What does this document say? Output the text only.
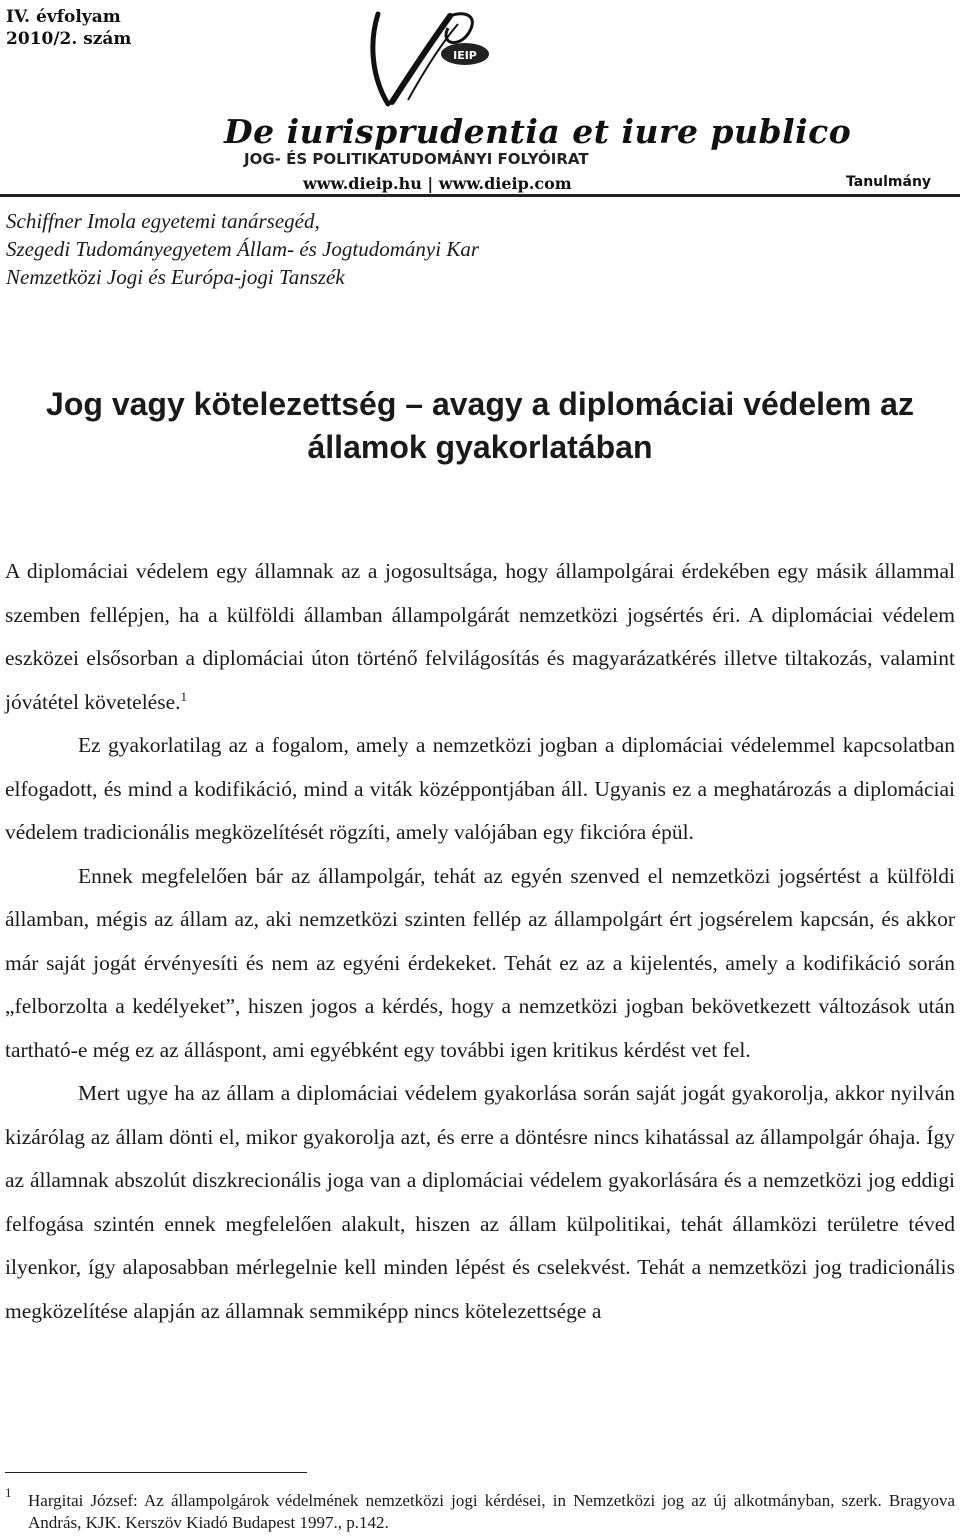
IV. évfolyam
2010/2. szám
IEIP
De iurisprudentia et iure publico
JOG- ÉS POLITIKATUDOMÁNYI FOLYÓIRAT
www.dieip.hu | www.dieip.com	Tanulmány
Schiffner Imola egyetemi tanársegéd,
Szegedi Tudományegyetem Állam- és Jogtudományi Kar
Nemzetközi Jogi és Európa-jogi Tanszék
Jog vagy kötelezettség – avagy a diplomáciai védelem az
államok gyakorlatában

A diplomáciai védelem egy államnak az a jogosultsága, hogy állampolgárai érdekében egy másik állammal szemben fellépjen, ha a külföldi államban állampolgárát nemzetközi jogsértés éri. A diplomáciai védelem eszközei elsősorban a diplomáciai úton történő felvilágosítás és magyarázatkérés illetve tiltakozás, valamint jóvátétel követelése.$^1$

Ez gyakorlatilag az a fogalom, amely a nemzetközi jogban a diplomáciai védelemmel kapcsolatban elfogadott, és mind a kodifikáció, mind a viták középpontjában áll. Ugyanis ez a meghatározás a diplomáciai védelem tradicionális megközelítését rögzíti, amely valójában egy fikcióra épül.

Ennek megfelelően bár az állampolgár, tehát az egyén szenved el nemzetközi jogsértést a külföldi államban, mégis az állam az, aki nemzetközi szinten fellép az állampolgárt ért jogsérelem kapcsán, és akkor már saját jogát érvényesíti és nem az egyéni érdekeket. Tehát ez az a kijelentés, amely a kodifikáció során „felborzolta a kedélyeket”, hiszen jogos a kérdés, hogy a nemzetközi jogban bekövetkezett változások után tartható-e még ez az álláspont, ami egyébként egy további igen kritikus kérdést vet fel.

Mert ugye ha az állam a diplomáciai védelem gyakorlása során saját jogát gyakorolja, akkor nyilván kizárólag az állam dönti el, mikor gyakorolja azt, és erre a döntésre nincs kihatással az állampolgár óhaja. Így az államnak abszolút diszkrecionális joga van a diplomáciai védelem gyakorlására és a nemzetközi jog eddigi felfogása szintén ennek megfelelően alakult, hiszen az állam külpolitikai, tehát államközi területre téved ilyenkor, így alaposabban mérlegelnie kell minden lépést és cselekvést. Tehát a nemzetközi jog tradicionális megközelítése alapján az államnak semmiképp nincs kötelezettsége a

1 Hargitai József: Az állampolgárok védelmének nemzetközi jogi kérdései, in Nemzetközi jog az új alkotmányban, szerk. Bragyova András, KJK. Kerszöv Kiadó Budapest 1997., p.142.
